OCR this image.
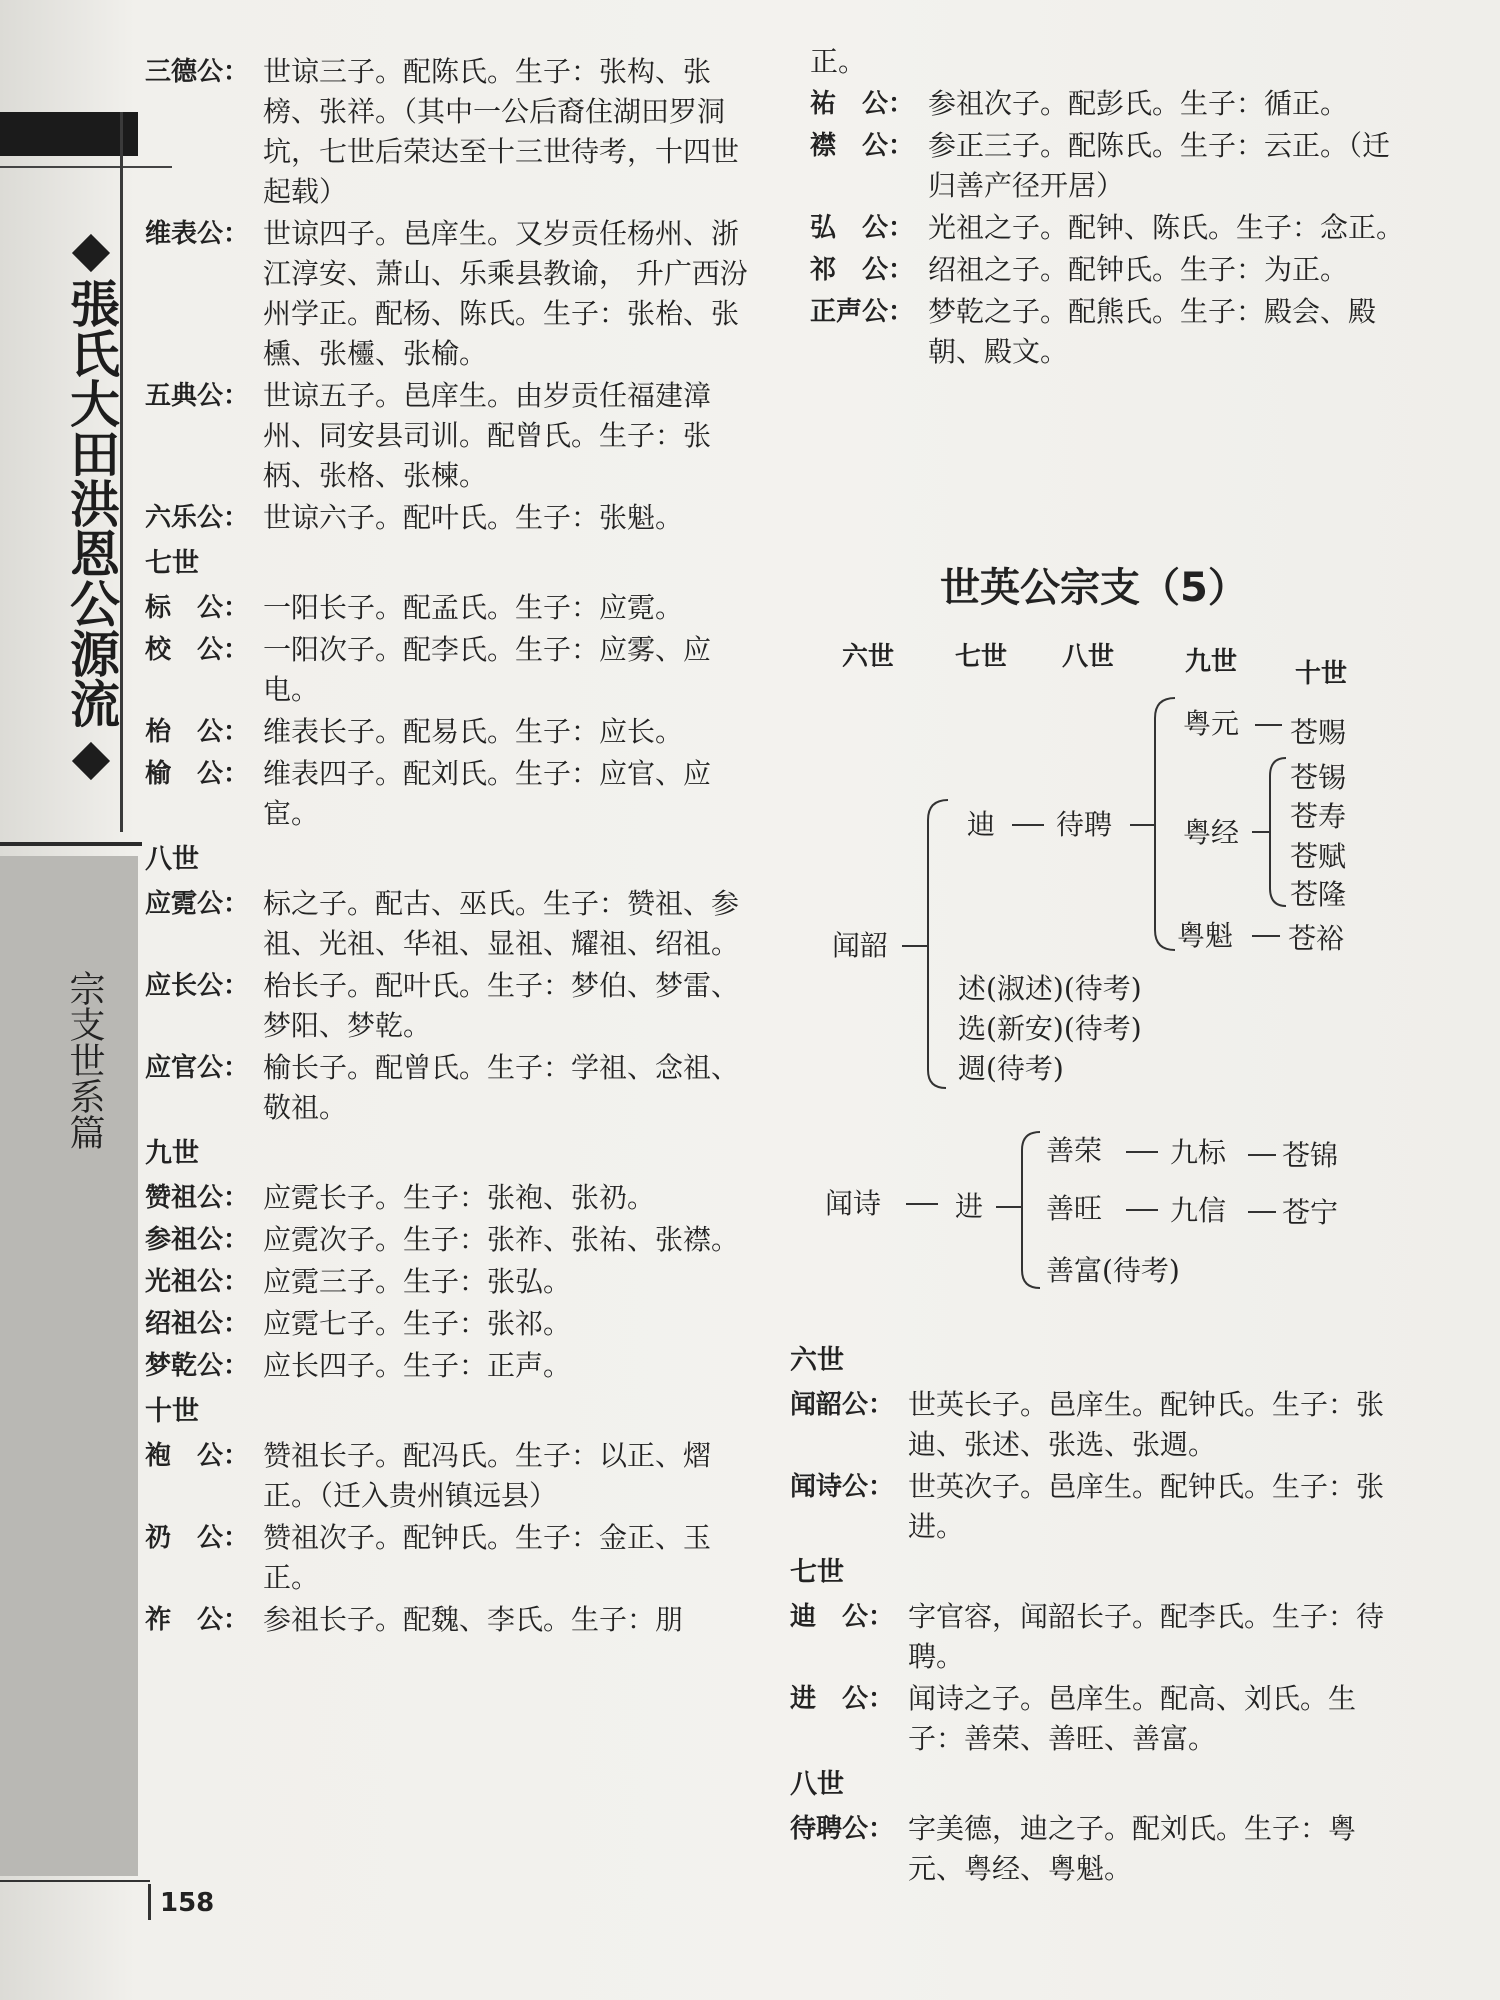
◆張氏大田洪恩公源流◆
宗支世系篇
158
三德公： 世谅三子。配陈氏。生子：张构、张榜、张祥。（其中一公后裔住湖田罗洞坑，七世后荣达至十三世待考，十四世起载）
维表公： 世谅四子。邑庠生。又岁贡任杨州、浙江淳安、萧山、乐乘县教谕， 升广西汾州学正。配杨、陈氏。生子：张枱、张櫄、张欞、张榆。
五典公： 世谅五子。邑庠生。由岁贡任福建漳州、同安县司训。配曾氏。生子：张柄、张格、张楝。
六乐公： 世谅六子。配叶氏。生子：张魁。
七世
标　公： 一阳长子。配孟氏。生子：应霓。
校　公： 一阳次子。配李氏。生子：应雾、应电。
枱　公： 维表长子。配易氏。生子：应长。
榆　公： 维表四子。配刘氏。生子：应官、应宦。
八世
应霓公： 标之子。配古、巫氏。生子：赞祖、参祖、光祖、华祖、显祖、耀祖、绍祖。
应长公： 枱长子。配叶氏。生子：梦伯、梦雷、梦阳、梦乾。
应官公： 榆长子。配曾氏。生子：学祖、念祖、敬祖。
九世
赞祖公： 应霓长子。生子：张袍、张礽。
参祖公： 应霓次子。生子：张祚、张祐、张襟。
光祖公： 应霓三子。生子：张弘。
绍祖公： 应霓七子。生子：张祁。
梦乾公： 应长四子。生子：正声。
十世
袍　公： 赞祖长子。配冯氏。生子：以正、熠正。（迁入贵州镇远县）
礽　公： 赞祖次子。配钟氏。生子：金正、玉正。
祚　公： 参祖长子。配魏、李氏。生子：朋
正。
祐　公： 参祖次子。配彭氏。生子：循正。
襟　公： 参正三子。配陈氏。生子：云正。（迁归善产径开居）
弘　公： 光祖之子。配钟、陈氏。生子：念正。
祁　公： 绍祖之子。配钟氏。生子：为正。
正声公： 梦乾之子。配熊氏。生子：殿会、殿朝、殿文。
世英公宗支（5）
六世 七世 八世	九世 十世
闻韶
迪 待聘
粤元 苍赐
粤经
苍锡
苍寿
苍赋
苍隆
粤魁 苍裕
述(淑述)(待考)
选(新安)(待考)
週(待考)
闻诗	进
善荣 九标 苍锦
善旺 九信 苍宁
善富(待考)
六世
闻韶公： 世英长子。邑庠生。配钟氏。生子：张迪、张述、张选、张週。
闻诗公： 世英次子。邑庠生。配钟氏。生子：张进。
七世
迪　公： 字官容，闻韶长子。配李氏。生子：待聘。
进　公： 闻诗之子。邑庠生。配高、刘氏。生子：善荣、善旺、善富。
八世
待聘公： 字美德，迪之子。配刘氏。生子：粤元、粤经、粤魁。
